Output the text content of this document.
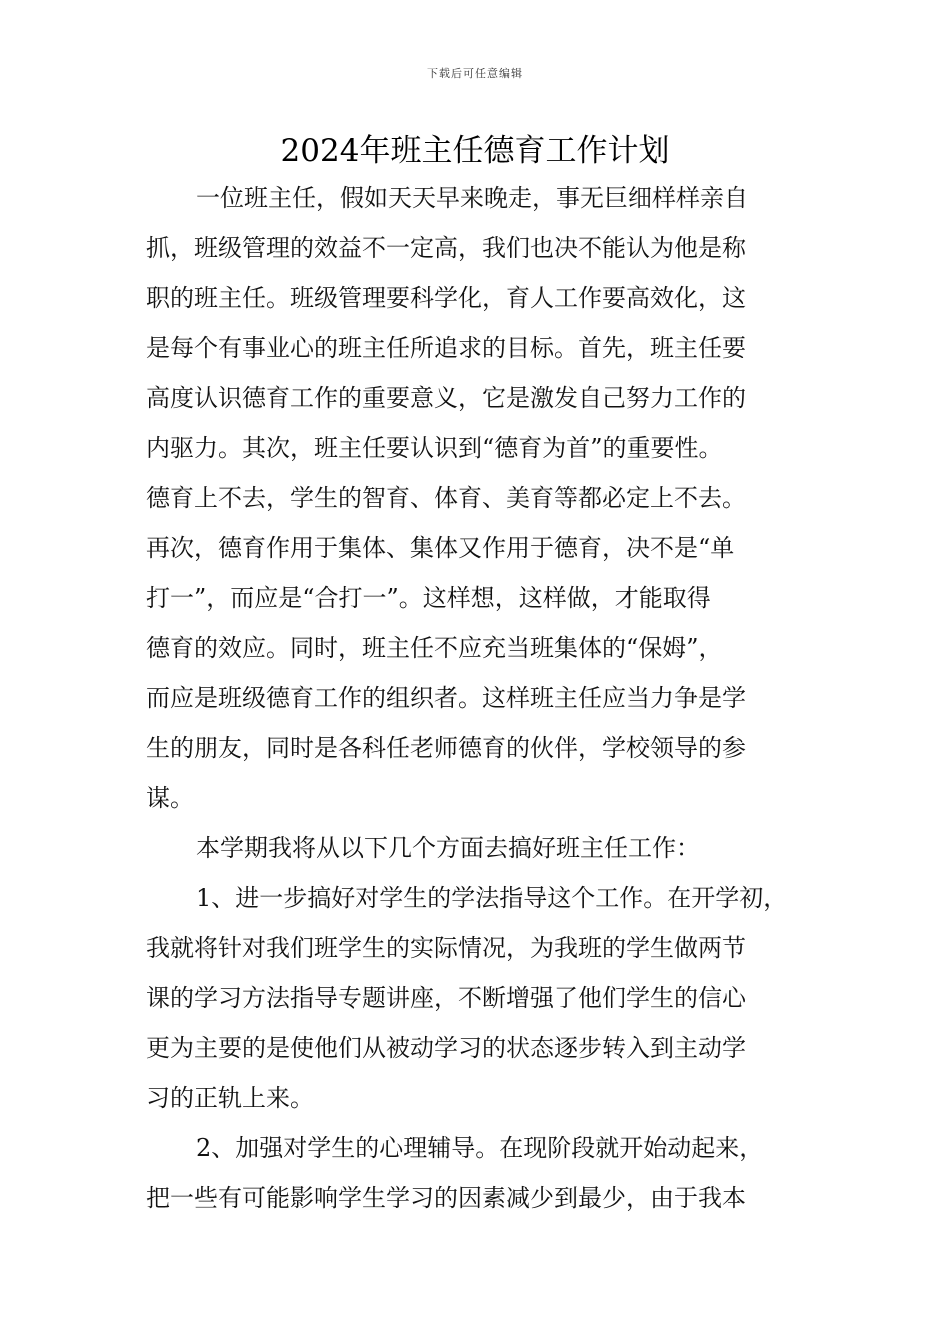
下载后可任意编辑
2024年班主任德育工作计划
一位班主任，假如天天早来晚走，事无巨细样样亲自
抓，班级管理的效益不一定高，我们也决不能认为他是称
职的班主任。班级管理要科学化，育人工作要高效化，这
是每个有事业心的班主任所追求的目标。首先，班主任要
高度认识德育工作的重要意义，它是激发自己努力工作的
内驱力。其次，班主任要认识到“德育为首”的重要性。
德育上不去，学生的智育、体育、美育等都必定上不去。
再次，德育作用于集体、集体又作用于德育，决不是“单
打一”，而应是“合打一”。这样想，这样做，才能取得
德育的效应。同时，班主任不应充当班集体的“保姆”，
而应是班级德育工作的组织者。这样班主任应当力争是学
生的朋友，同时是各科任老师德育的伙伴，学校领导的参
谋。
本学期我将从以下几个方面去搞好班主任工作：
1、进一步搞好对学生的学法指导这个工作。在开学初，
我就将针对我们班学生的实际情况，为我班的学生做两节
课的学习方法指导专题讲座，不断增强了他们学生的信心
更为主要的是使他们从被动学习的状态逐步转入到主动学
习的正轨上来。
2、加强对学生的心理辅导。在现阶段就开始动起来，
把一些有可能影响学生学习的因素减少到最少，由于我本
